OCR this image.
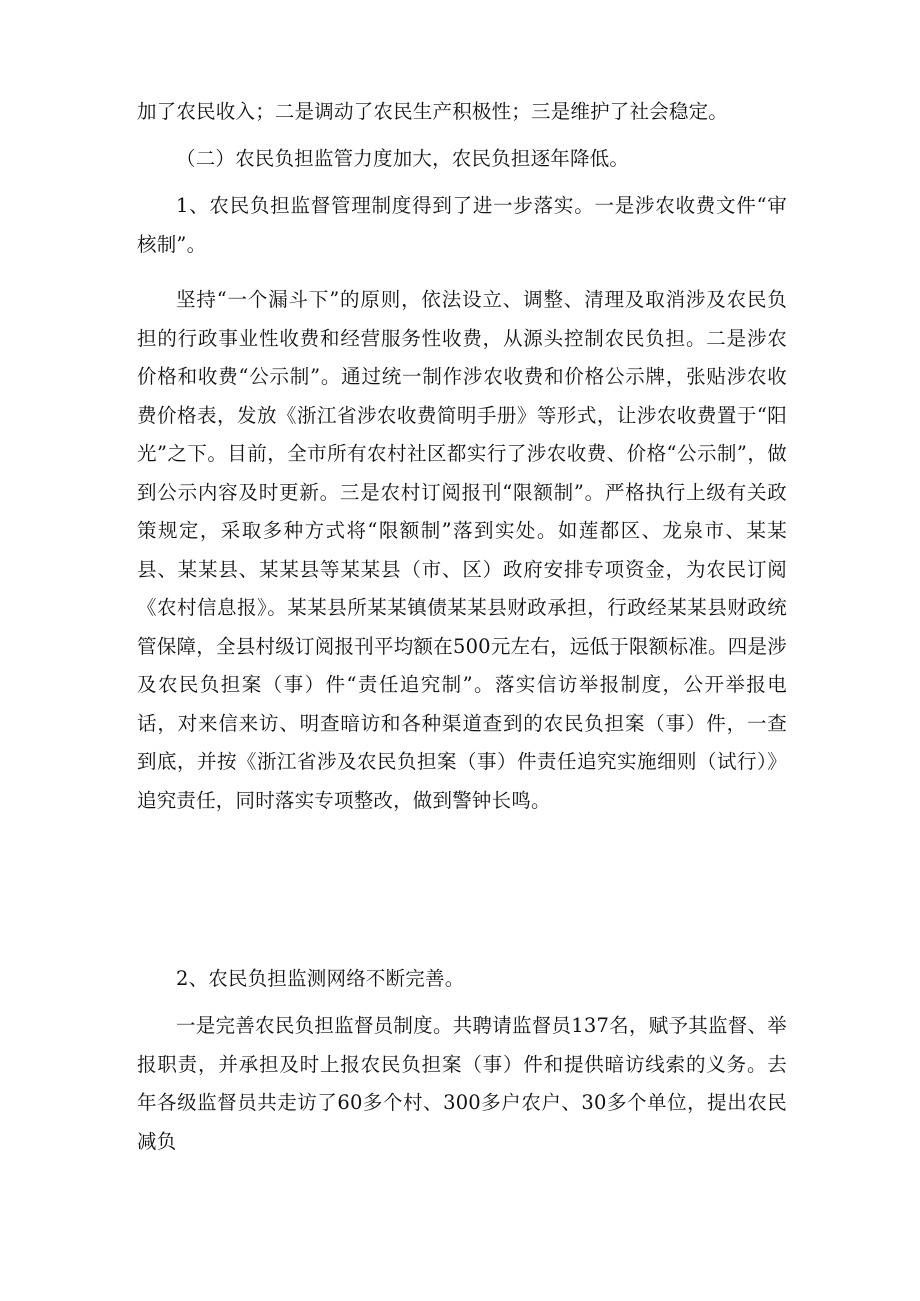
加了农民收入；二是调动了农民生产积极性；三是维护了社会稳定。

（二）农民负担监管力度加大，农民负担逐年降低。

1、农民负担监督管理制度得到了进一步落实。一是涉农收费文件“审核制”。

坚持“一个漏斗下”的原则，依法设立、调整、清理及取消涉及农民负担的行政事业性收费和经营服务性收费，从源头控制农民负担。二是涉农价格和收费“公示制”。通过统一制作涉农收费和价格公示牌，张贴涉农收费价格表，发放《浙江省涉农收费简明手册》等形式，让涉农收费置于“阳光”之下。目前，全市所有农村社区都实行了涉农收费、价格“公示制”，做到公示内容及时更新。三是农村订阅报刊“限额制”。严格执行上级有关政策规定，采取多种方式将“限额制”落到实处。如莲都区、龙泉市、某某县、某某县、某某县等某某县（市、区）政府安排专项资金，为农民订阅《农村信息报》。某某县所某某镇债某某县财政承担，行政经某某县财政统管保障，全县村级订阅报刊平均额在500元左右，远低于限额标准。四是涉及农民负担案（事）件“责任追究制”。落实信访举报制度，公开举报电话，对来信来访、明查暗访和各种渠道查到的农民负担案（事）件，一查到底，并按《浙江省涉及农民负担案（事）件责任追究实施细则（试行）》追究责任，同时落实专项整改，做到警钟长鸣。

2、农民负担监测网络不断完善。

一是完善农民负担监督员制度。共聘请监督员137名，赋予其监督、举报职责，并承担及时上报农民负担案（事）件和提供暗访线索的义务。去年各级监督员共走访了60多个村、300多户农户、30多个单位，提出农民减负
